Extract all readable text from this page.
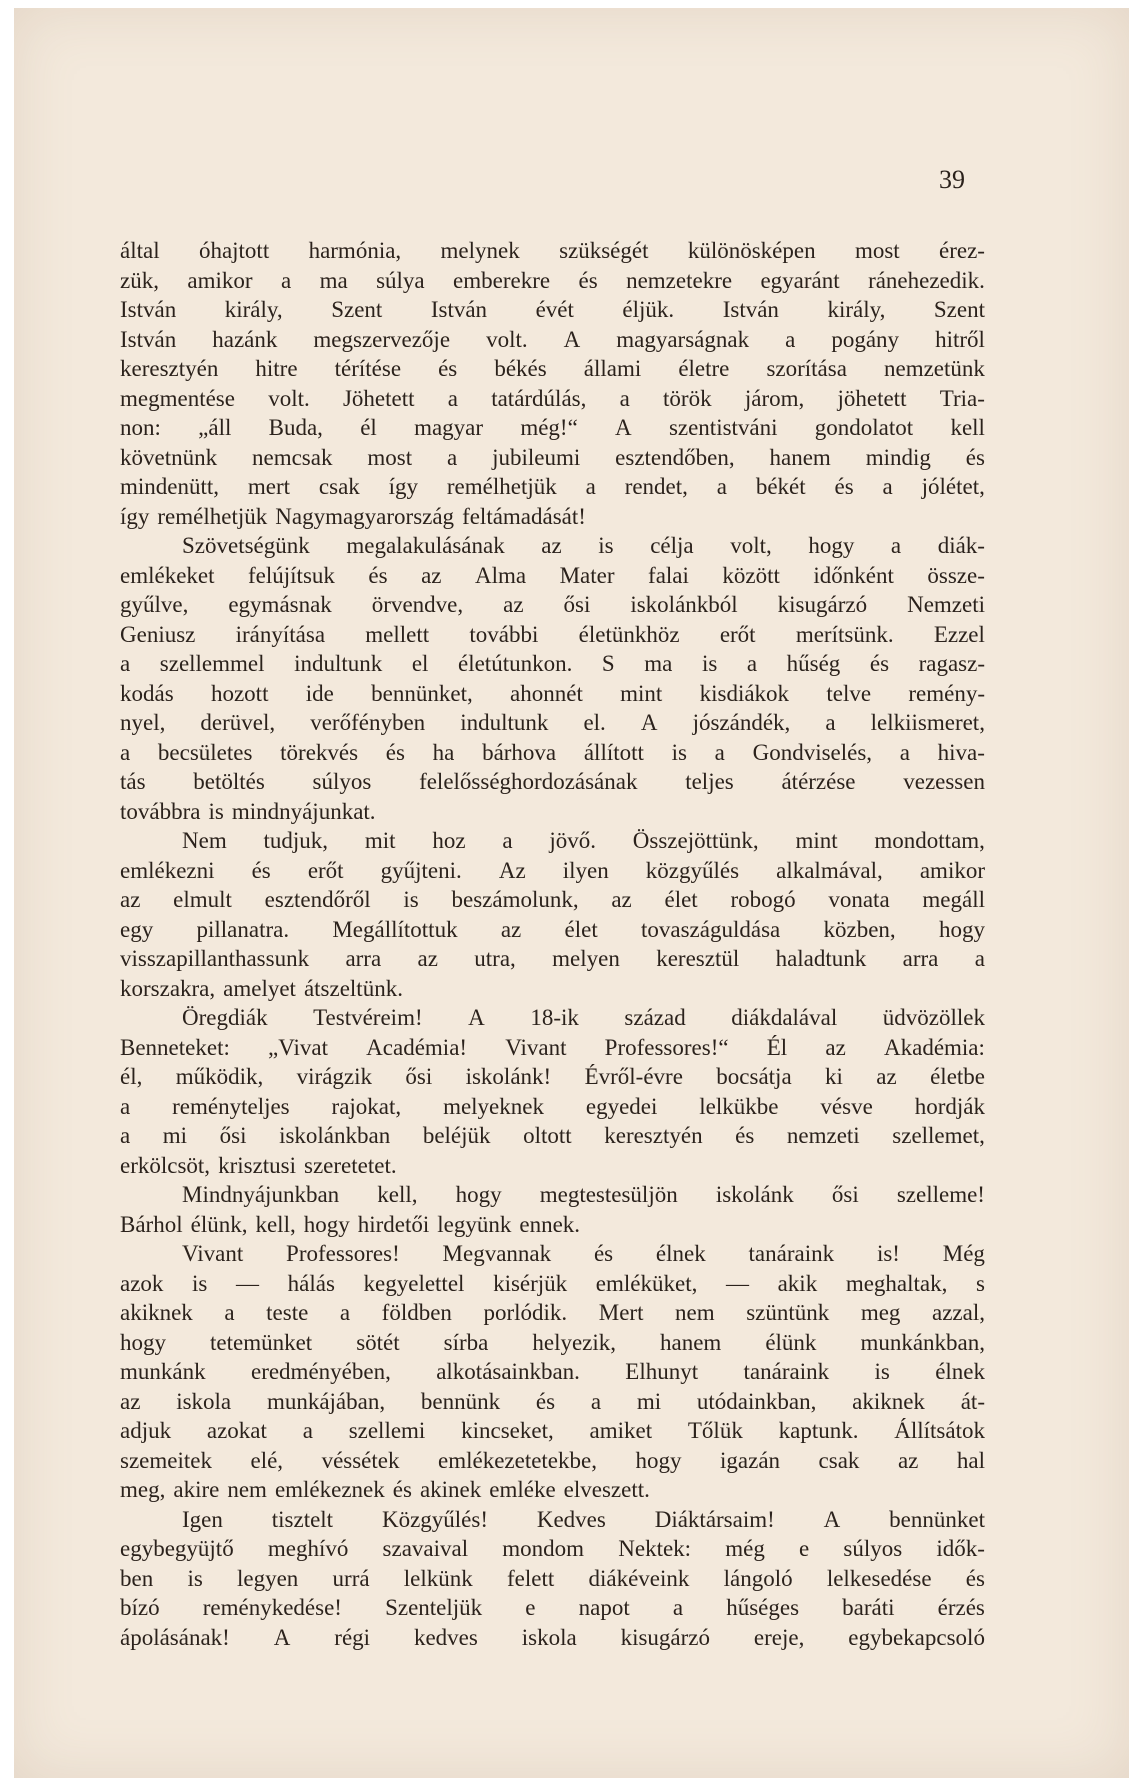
39
által óhajtott harmónia, melynek szükségét különösképen most érez-
zük, amikor a ma súlya emberekre és nemzetekre egyaránt ránehezedik.
István király, Szent István évét éljük. István király, Szent
István hazánk megszervezője volt. A magyarságnak a pogány hitről
keresztyén hitre térítése és békés állami életre szorítása nemzetünk
megmentése volt. Jöhetett a tatárdúlás, a török járom, jöhetett Tria-
non: „áll Buda, él magyar még!“ A szentistváni gondolatot kell
követnünk nemcsak most a jubileumi esztendőben, hanem mindig és
mindenütt, mert csak így remélhetjük a rendet, a békét és a jólétet,
így remélhetjük Nagymagyarország feltámadását!
Szövetségünk megalakulásának az is célja volt, hogy a diák-
emlékeket felújítsuk és az Alma Mater falai között időnként össze-
gyűlve, egymásnak örvendve, az ősi iskolánkból kisugárzó Nemzeti
Geniusz irányítása mellett további életünkhöz erőt merítsünk. Ezzel
a szellemmel indultunk el életútunkon. S ma is a hűség és ragasz-
kodás hozott ide bennünket, ahonnét mint kisdiákok telve remény-
nyel, derüvel, verőfényben indultunk el. A jószándék, a lelkiismeret,
a becsületes törekvés és ha bárhova állított is a Gondviselés, a hiva-
tás betöltés súlyos felelősséghordozásának teljes átérzése vezessen
továbbra is mindnyájunkat.
Nem tudjuk, mit hoz a jövő. Összejöttünk, mint mondottam,
emlékezni és erőt gyűjteni. Az ilyen közgyűlés alkalmával, amikor
az elmult esztendőről is beszámolunk, az élet robogó vonata megáll
egy pillanatra. Megállítottuk az élet tovaszáguldása közben, hogy
visszapillanthassunk arra az utra, melyen keresztül haladtunk arra a
korszakra, amelyet átszeltünk.
Öregdiák Testvéreim! A 18-ik század diákdalával üdvözöllek
Benneteket: „Vivat Académia! Vivant Professores!“ Él az Akadémia:
él, működik, virágzik ősi iskolánk! Évről-évre bocsátja ki az életbe
a reményteljes rajokat, melyeknek egyedei lelkükbe vésve hordják
a mi ősi iskolánkban beléjük oltott keresztyén és nemzeti szellemet,
erkölcsöt, krisztusi szeretetet.
Mindnyájunkban kell, hogy megtestesüljön iskolánk ősi szelleme!
Bárhol élünk, kell, hogy hirdetői legyünk ennek.
Vivant Professores! Megvannak és élnek tanáraink is! Még
azok is — hálás kegyelettel kisérjük emléküket, — akik meghaltak, s
akiknek a teste a földben porlódik. Mert nem szüntünk meg azzal,
hogy tetemünket sötét sírba helyezik, hanem élünk munkánkban,
munkánk eredményében, alkotásainkban. Elhunyt tanáraink is élnek
az iskola munkájában, bennünk és a mi utódainkban, akiknek át-
adjuk azokat a szellemi kincseket, amiket Tőlük kaptunk. Állítsátok
szemeitek elé, véssétek emlékezetetekbe, hogy igazán csak az hal
meg, akire nem emlékeznek és akinek emléke elveszett.
Igen tisztelt Közgyűlés! Kedves Diáktársaim! A bennünket
egybegyüjtő meghívó szavaival mondom Nektek: még e súlyos idők-
ben is legyen urrá lelkünk felett diákéveink lángoló lelkesedése és
bízó reménykedése! Szenteljük e napot a hűséges baráti érzés
ápolásának! A régi kedves iskola kisugárzó ereje, egybekapcsoló
